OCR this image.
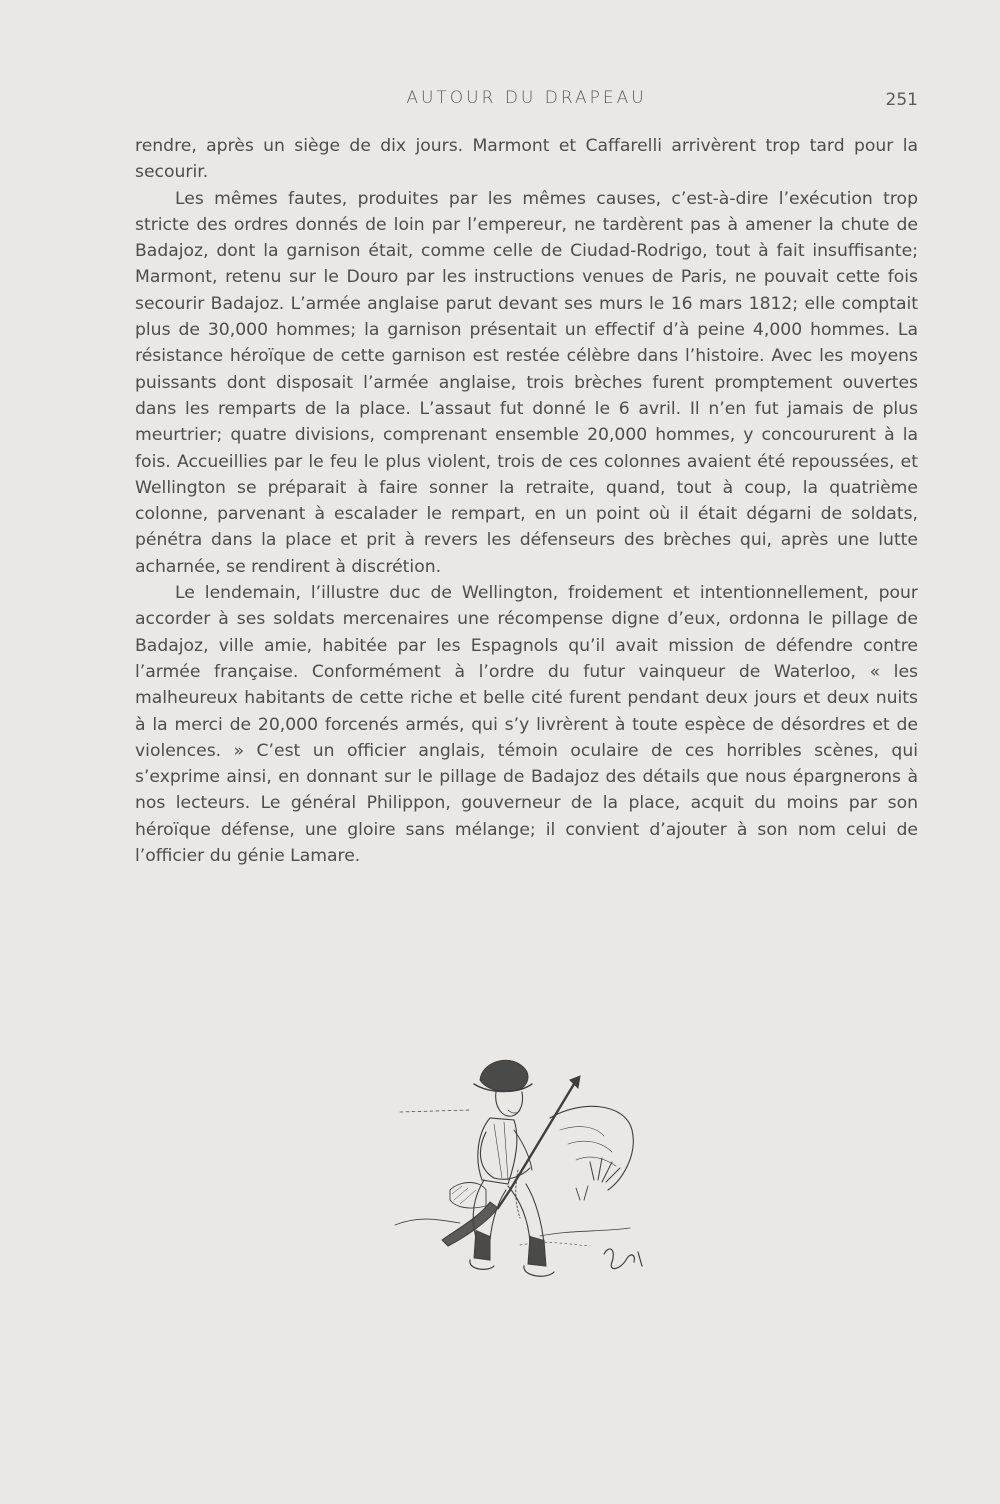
AUTOUR DU DRAPEAU	251

rendre, après un siège de dix jours. Marmont et Caffarelli arrivèrent trop tard pour la secourir.

Les mêmes fautes, produites par les mêmes causes, c’est-à-dire l’exécution trop stricte des ordres donnés de loin par l’empereur, ne tardèrent pas à amener la chute de Badajoz, dont la garnison était, comme celle de Ciudad-Rodrigo, tout à fait insuffisante; Marmont, retenu sur le Douro par les instructions venues de Paris, ne pouvait cette fois secourir Badajoz. L’armée anglaise parut devant ses murs le 16 mars 1812; elle comptait plus de 30,000 hommes; la garnison présentait un effectif d’à peine 4,000 hommes. La résistance héroïque de cette garnison est restée célèbre dans l’histoire. Avec les moyens puissants dont disposait l’armée anglaise, trois brèches furent promptement ouvertes dans les remparts de la place. L’assaut fut donné le 6 avril. Il n’en fut jamais de plus meurtrier; quatre divisions, comprenant ensemble 20,000 hommes, y concoururent à la fois. Accueillies par le feu le plus violent, trois de ces colonnes avaient été repoussées, et Wellington se préparait à faire sonner la retraite, quand, tout à coup, la quatrième colonne, parvenant à escalader le rempart, en un point où il était dégarni de soldats, pénétra dans la place et prit à revers les défenseurs des brèches qui, après une lutte acharnée, se rendirent à discrétion.

Le lendemain, l’illustre duc de Wellington, froidement et intentionnellement, pour accorder à ses soldats mercenaires une récompense digne d’eux, ordonna le pillage de Badajoz, ville amie, habitée par les Espagnols qu’il avait mission de défendre contre l’armée française. Conformément à l’ordre du futur vainqueur de Waterloo, « les malheureux habitants de cette riche et belle cité furent pendant deux jours et deux nuits à la merci de 20,000 forcenés armés, qui s’y livrèrent à toute espèce de désordres et de violences. » C’est un officier anglais, témoin oculaire de ces horribles scènes, qui s’exprime ainsi, en donnant sur le pillage de Badajoz des détails que nous épargnerons à nos lecteurs. Le général Philippon, gouverneur de la place, acquit du moins par son héroïque défense, une gloire sans mélange; il convient d’ajouter à son nom celui de l’officier du génie Lamare.
